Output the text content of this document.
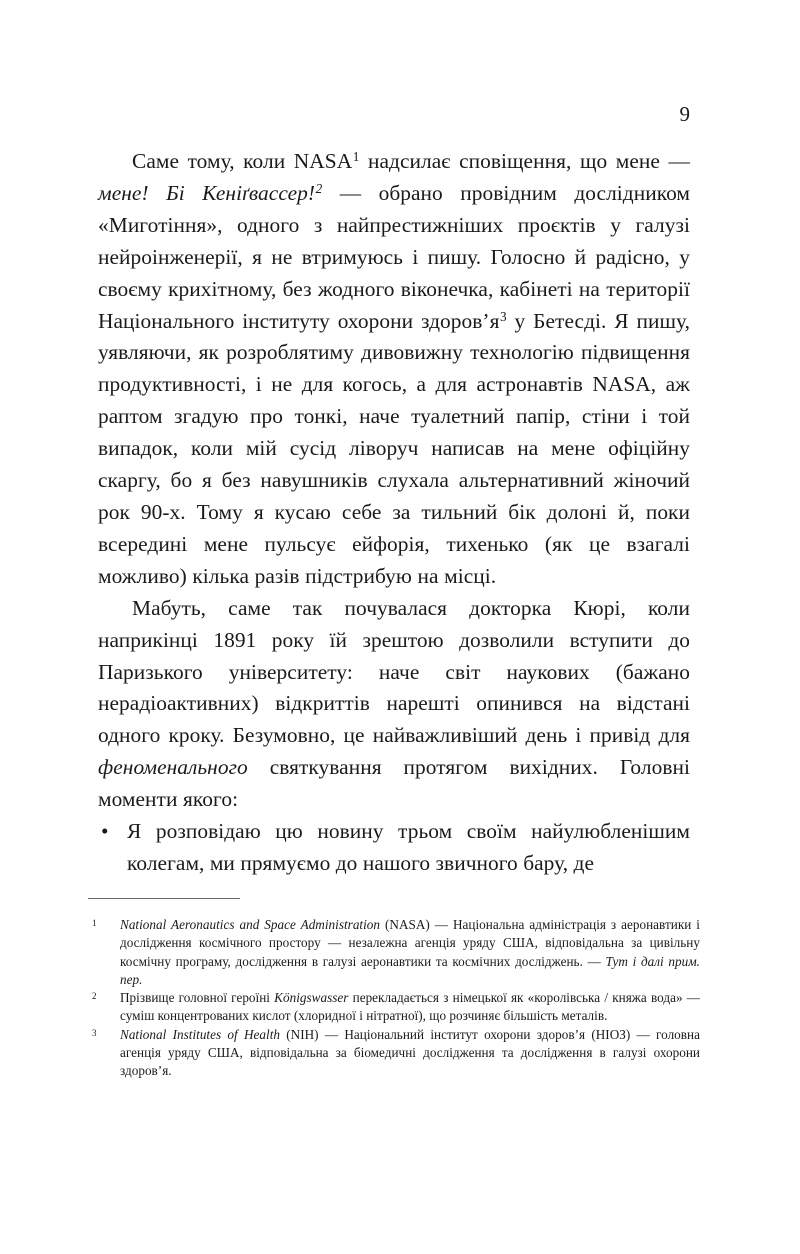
9

Саме тому, коли NASA$^1$ надсилає сповіщення, що мене — мене! Бі Кеніґвассер!$^2$ — обрано провідним дослідником «Миготіння», одного з найпрестижніших проєктів у галузі нейроінженерії, я не втримуюсь і пишу. Голосно й радісно, у своєму крихітному, без жодного віконечка, кабінеті на території Національного інституту охорони здоров’я$^3$ у Бетесді. Я пишу, уявляючи, як розроблятиму дивовижну технологію підвищення продуктивності, і не для когось, а для астронавтів NASA, аж раптом згадую про тонкі, наче туалетний папір, стіни і той випадок, коли мій сусід ліворуч написав на мене офіційну скаргу, бо я без навушників слухала альтернативний жіночий рок 90-х. Тому я кусаю себе за тильний бік долоні й, поки всередині мене пульсує ейфорія, тихенько (як це взагалі можливо) кілька разів підстрибую на місці.

Мабуть, саме так почувалася докторка Кюрі, коли наприкінці 1891 року їй зрештою дозволили вступити до Паризького університету: наче світ наукових (бажано нерадіоактивних) відкриттів нарешті опинився на відстані одного кроку. Безумовно, це найважливіший день і привід для феноменального святкування протягом вихідних. Головні моменти якого:

• Я розповідаю цю новину трьом своїм найулюбленішим колегам, ми прямуємо до нашого звичного бару, де
1 National Aeronautics and Space Administration (NASA) — Національна адміністрація з аеронавтики і дослідження космічного простору — незалежна агенція уряду США, відповідальна за цивільну космічну програму, дослідження в галузі аеронавтики та космічних досліджень. — Тут і далі прим. пер.
2 Прізвище головної героїні Königswasser перекладається з німецької як «королівська / княжа вода» — суміш концентрованих кислот (хлоридної і нітратної), що розчиняє більшість металів.
3 National Institutes of Health (NIH) — Національний інститут охорони здоров’я (НІОЗ) — головна агенція уряду США, відповідальна за біомедичні дослідження та дослідження в галузі охорони здоров’я.
